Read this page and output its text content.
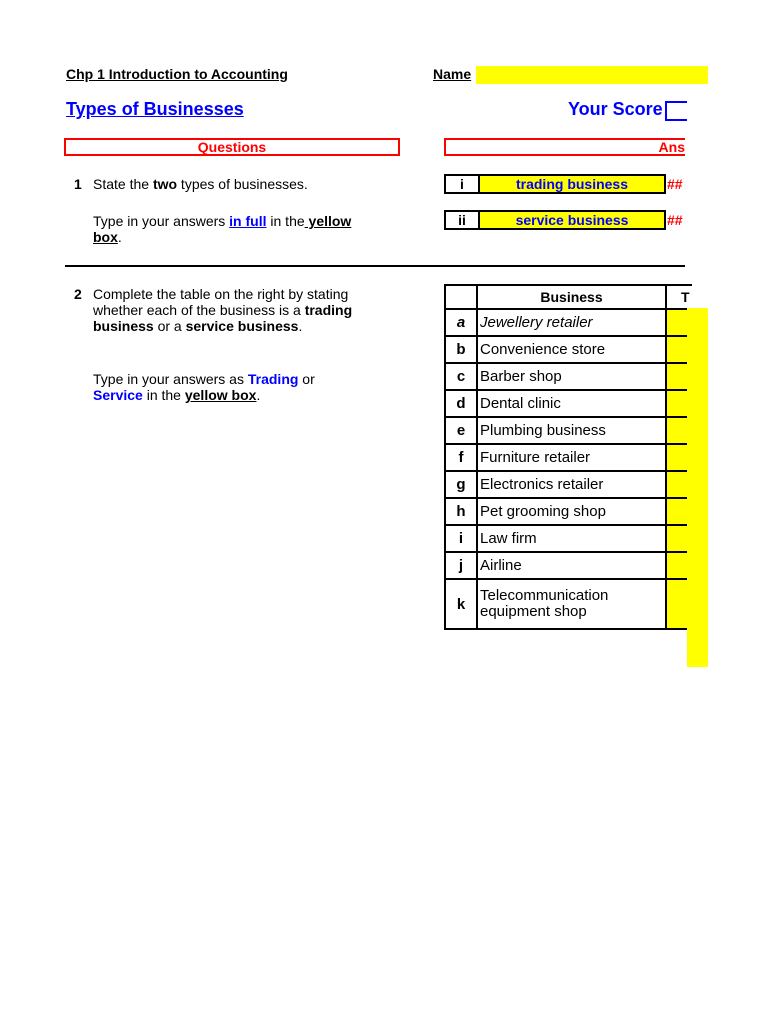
Chp 1 Introduction to Accounting	Name
Types of Businesses	Your Score
Questions	Ans
1 State the two types of businesses.
Type in your answers in full in the yellow
box.
i	trading business	##
ii	service business	##
2 Complete the table on the right by stating
whether each of the business is a trading
business or a service business.
Type in your answers as Trading or
Service in the yellow box.
	Business	T
a	Jewellery retailer	
b	Convenience store	
c	Barber shop	
d	Dental clinic	
e	Plumbing business	
f	Furniture retailer	
g	Electronics retailer	
h	Pet grooming shop	
i	Law firm	
j	Airline	
k	Telecommunication equipment shop	
